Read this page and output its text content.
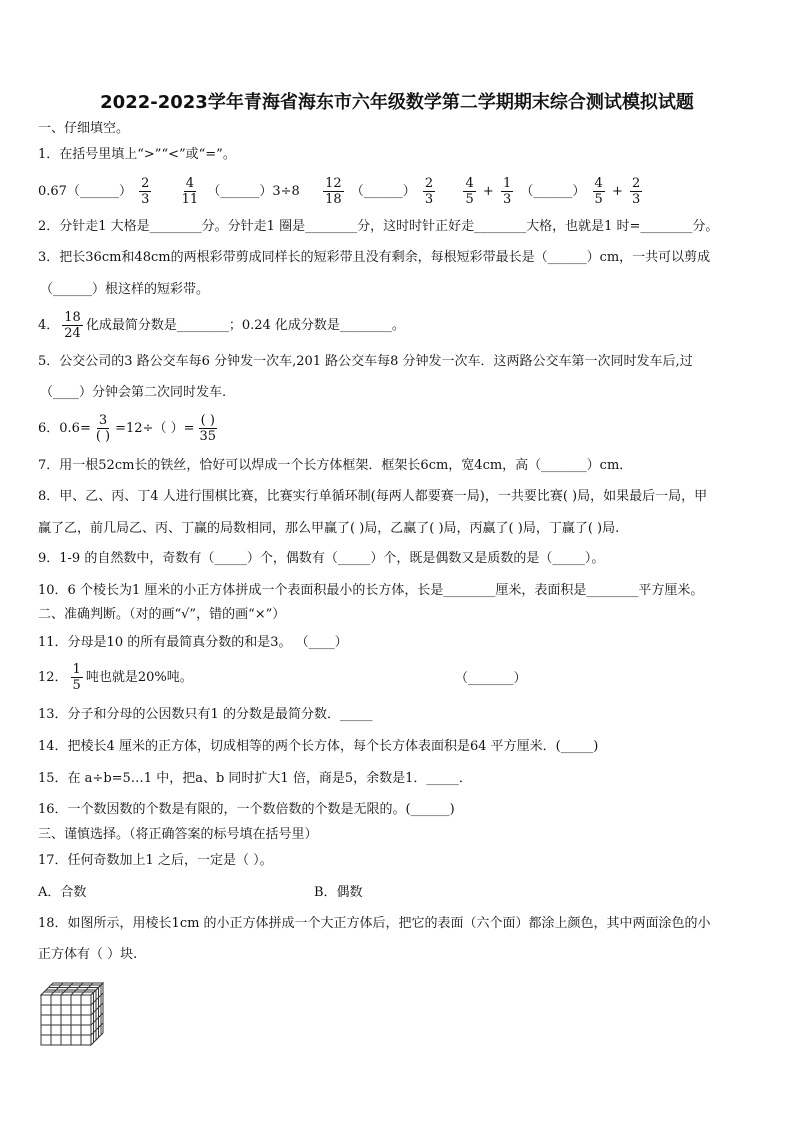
2022-2023学年青海省海东市六年级数学第二学期期末综合测试模拟试题
一、仔细填空。
1．在括号里填上“>”“<”或“=”。
0.67（______） $\frac{2}{3}$
$\frac{4}{11}$ （______）3÷8 $\frac{12}{18}$ （______） $\frac{2}{3}$
$\frac{4}{5} + \frac{1}{3}$ （______） $\frac{4}{5} + \frac{2}{3}$
2．分针走1 大格是________分。分针走1 圈是________分，这时时针正好走________大格，也就是1 时=________分。
3．把长36cm和48cm的两根彩带剪成同样长的短彩带且没有剩余，每根短彩带最长是（______）cm，一共可以剪成
（______）根这样的短彩带。
4． $\frac{18}{24}$ 化成最简分数是________；0.24 化成分数是________。
5．公交公司的3 路公交车每6 分钟发一次车,201 路公交车每8 分钟发一次车．这两路公交车第一次同时发车后,过
（____）分钟会第二次同时发车.
6．$0.6= \frac{3}{( )} =12\div$（ ）= $\frac{( )}{35}$
7．用一根52cm长的铁丝，恰好可以焊成一个长方体框架．框架长6cm，宽4cm，高（_______）cm．
8．甲、乙、丙、丁4 人进行围棋比赛，比赛实行单循环制(每两人都要赛一局)，一共要比赛( )局，如果最后一局，甲
赢了乙，前几局乙、丙、丁赢的局数相同，那么甲赢了( )局，乙赢了( )局，丙赢了( )局，丁赢了( )局.
9．1-9 的自然数中，奇数有（_____）个，偶数有（_____）个，既是偶数又是质数的是（_____）。
10．6 个棱长为1 厘米的小正方体拼成一个表面积最小的长方体，长是________厘米，表面积是________平方厘米。
二、准确判断。（对的画“√”，错的画“×”）
11．分母是10 的所有最简真分数的和是3。 （____）
12． $\frac{1}{5}$ 吨也就是20%吨。	（_______）
13．分子和分母的公因数只有1 的分数是最简分数．_____
14．把棱长4 厘米的正方体，切成相等的两个长方体，每个长方体表面积是64 平方厘米．(_____)
15．在 a÷b=5…1 中，把a、b 同时扩大1 倍，商是5，余数是1．_____．
16．一个数因数的个数是有限的，一个数倍数的个数是无限的。(______)
三、谨慎选择。（将正确答案的标号填在括号里）
17．任何奇数加上1 之后，一定是（ ）。
A．合数	B．偶数
18．如图所示，用棱长1cm 的小正方体拼成一个大正方体后，把它的表面（六个面）都涂上颜色，其中两面涂色的小
正方体有（ ）块.
